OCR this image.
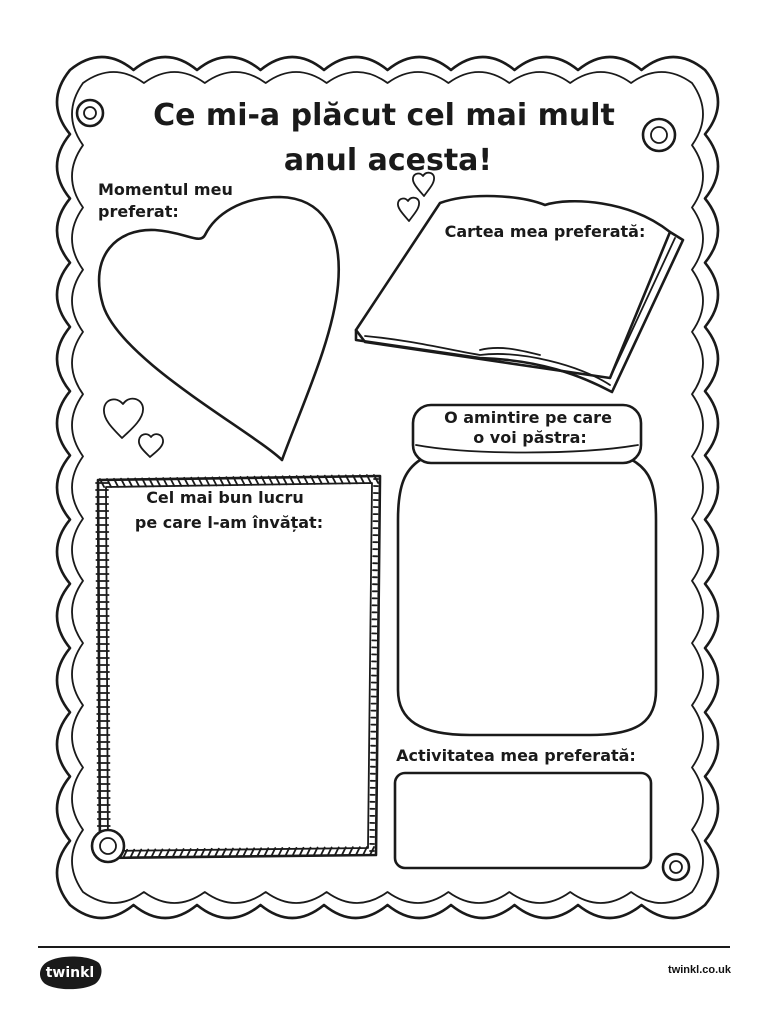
Ce mi-a plăcut cel mai mult
anul acesta!
Momentul meu
preferat:
Cartea mea preferată:
O amintire pe care
o voi păstra:
Cel mai bun lucru
pe care l-am învățat:
Activitatea mea preferată:
twinkl	twinkl.co.uk
